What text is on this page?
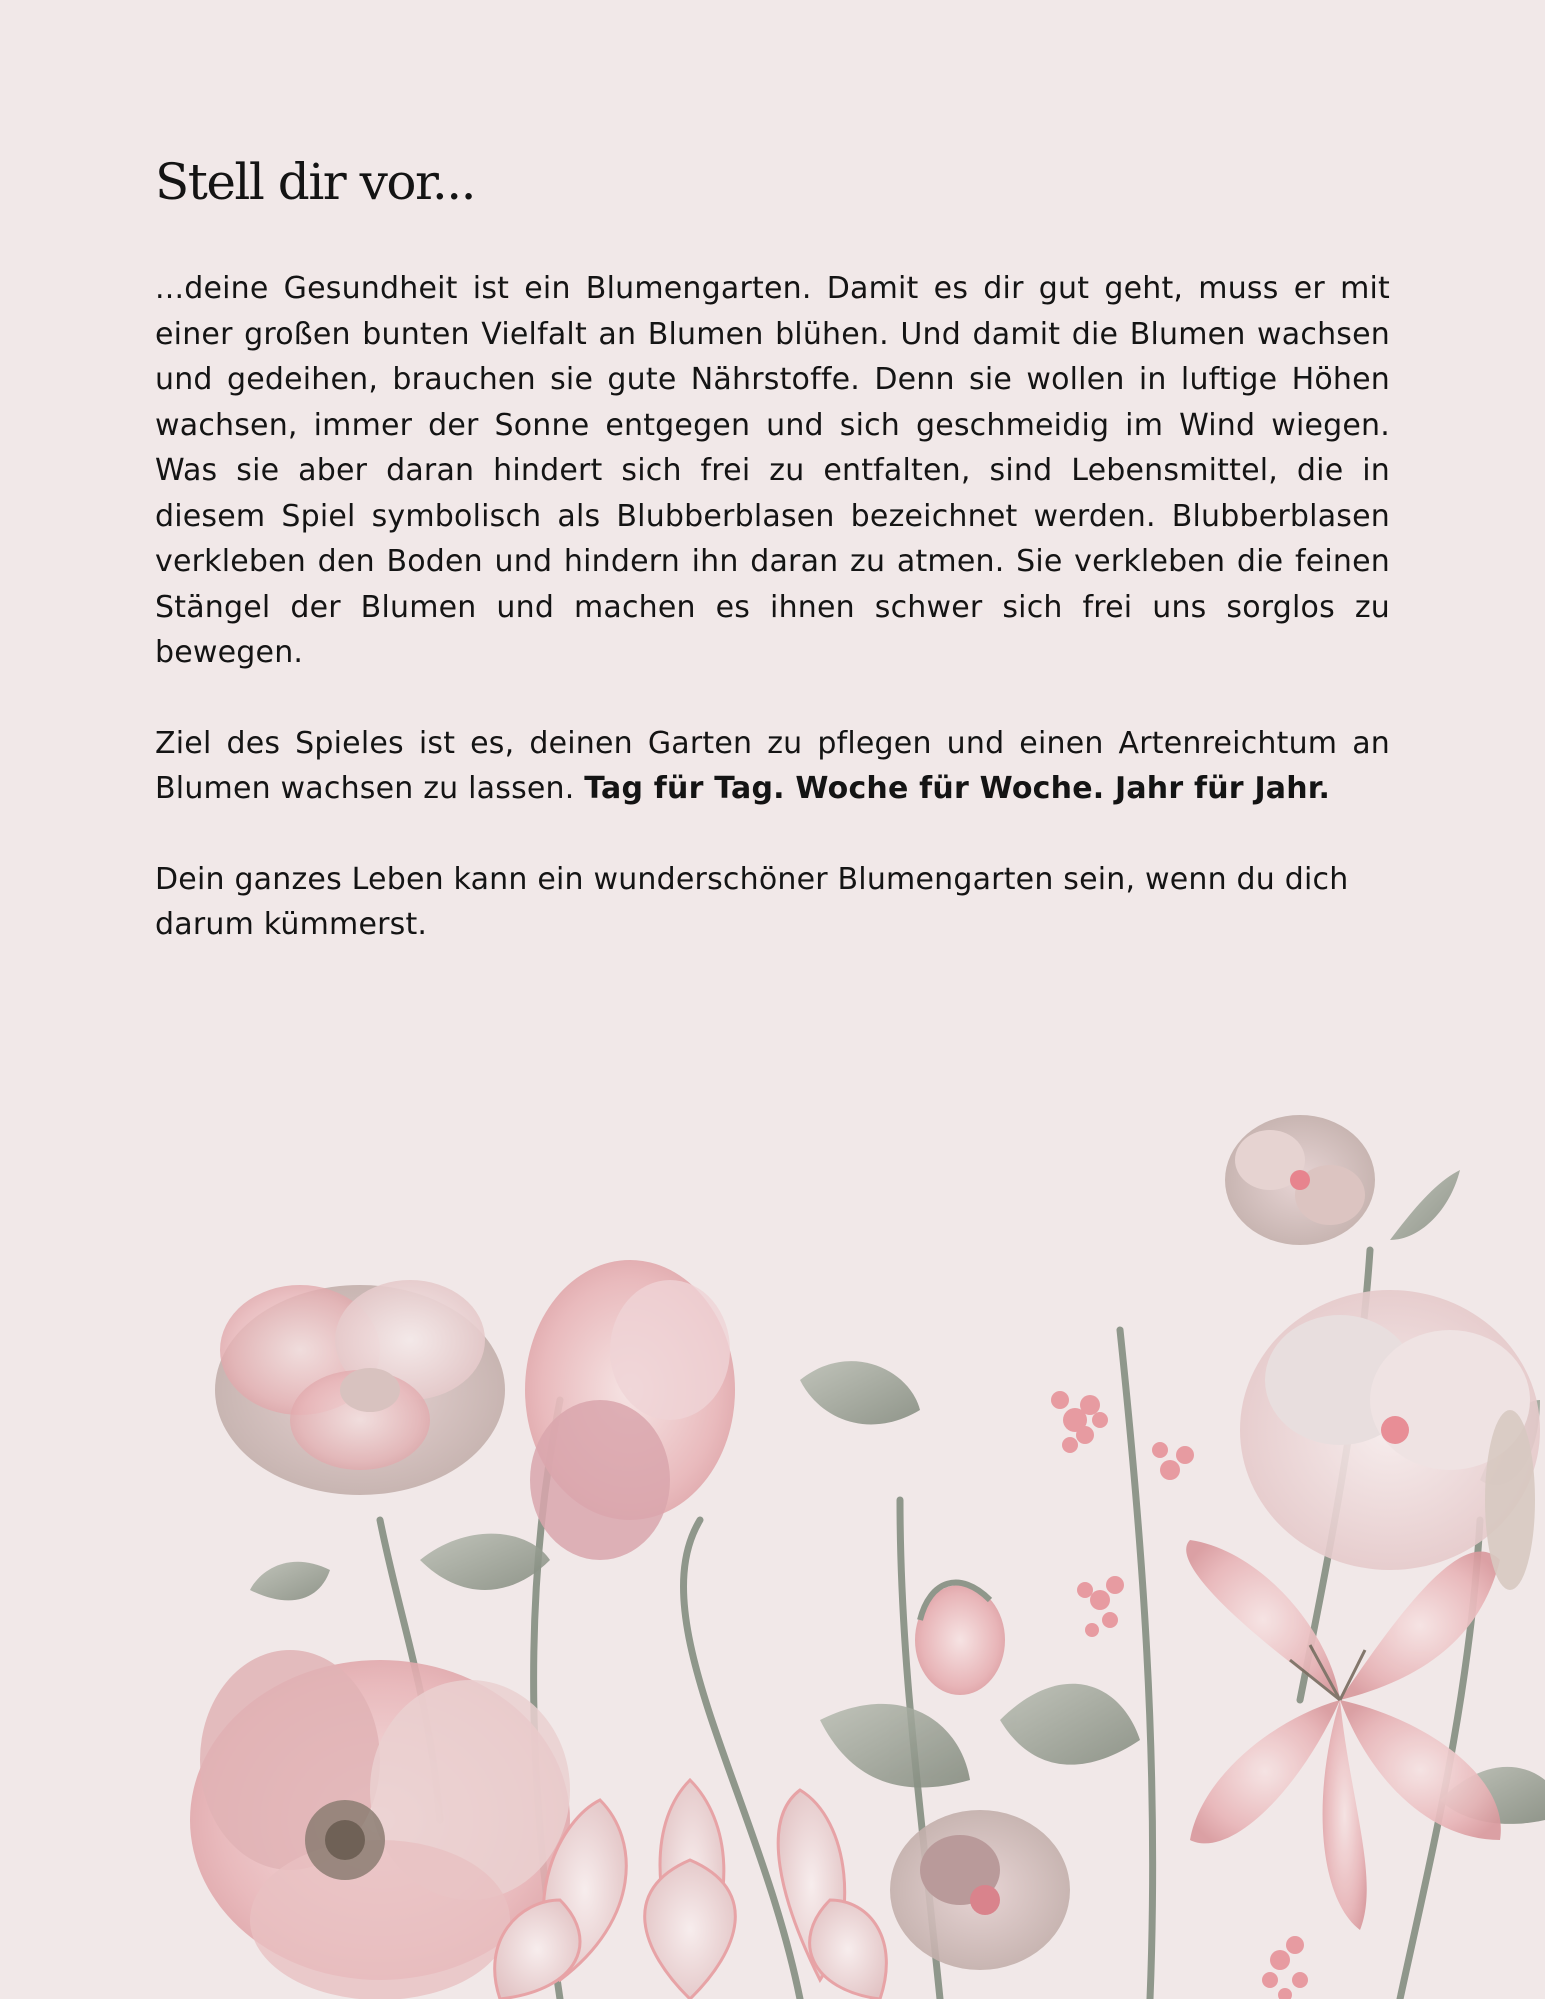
Stell dir vor...

...deine Gesundheit ist ein Blumengarten. Damit es dir gut geht, muss er mit einer großen bunten Vielfalt an Blumen blühen. Und damit die Blumen wachsen und gedeihen, brauchen sie gute Nährstoffe. Denn sie wollen in luftige Höhen wachsen, immer der Sonne entgegen und sich geschmeidig im Wind wiegen. Was sie aber daran hindert sich frei zu entfalten, sind Lebensmittel, die in diesem Spiel symbolisch als Blubberblasen bezeichnet werden. Blubberblasen verkleben den Boden und hindern ihn daran zu atmen. Sie verkleben die feinen Stängel der Blumen und machen es ihnen schwer sich frei uns sorglos zu bewegen.

Ziel des Spieles ist es, deinen Garten zu pflegen und einen Artenreichtum an Blumen wachsen zu lassen. Tag für Tag. Woche für Woche. Jahr für Jahr.

Dein ganzes Leben kann ein wunderschöner Blumengarten sein, wenn du dich darum kümmerst.
